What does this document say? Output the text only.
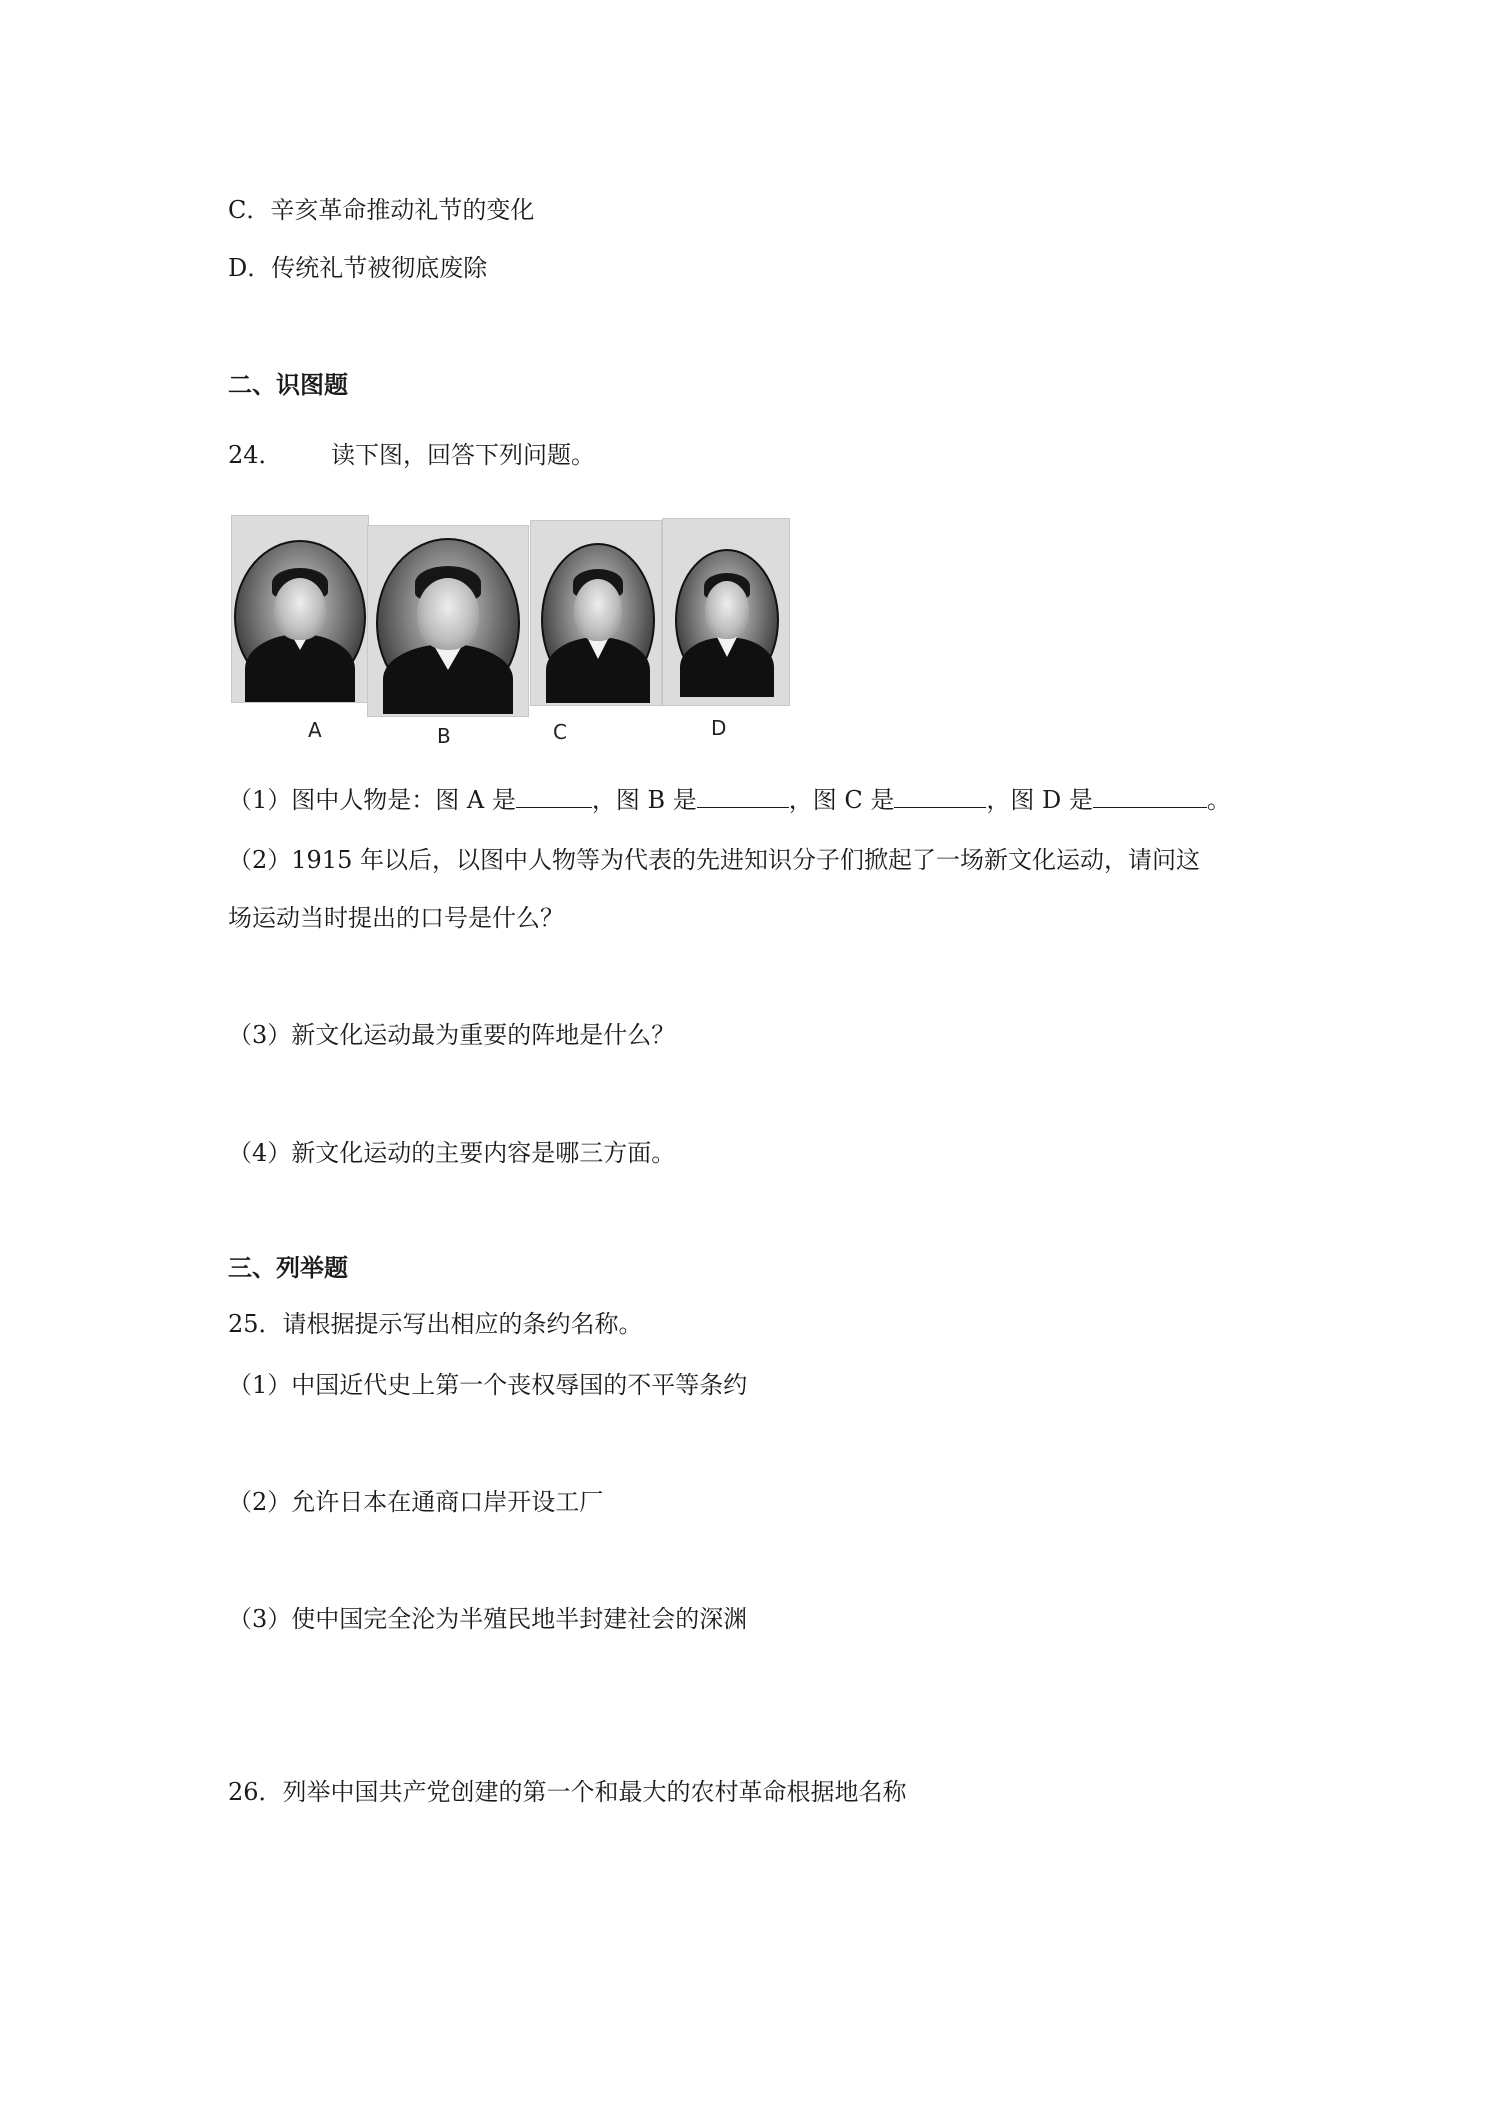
C．辛亥革命推动礼节的变化
D．传统礼节被彻底废除
二、识图题
24． 读下图，回答下列问题。
A	B	C	D
（1）图中人物是：图 A 是	，图 B 是	，图 C 是	，图 D 是	。
（2）1915 年以后，以图中人物等为代表的先进知识分子们掀起了一场新文化运动，请问这
场运动当时提出的口号是什么？
（3）新文化运动最为重要的阵地是什么？
（4）新文化运动的主要内容是哪三方面。
三、列举题
25．请根据提示写出相应的条约名称。
（1）中国近代史上第一个丧权辱国的不平等条约
（2）允许日本在通商口岸开设工厂
（3）使中国完全沦为半殖民地半封建社会的深渊
26．列举中国共产党创建的第一个和最大的农村革命根据地名称
